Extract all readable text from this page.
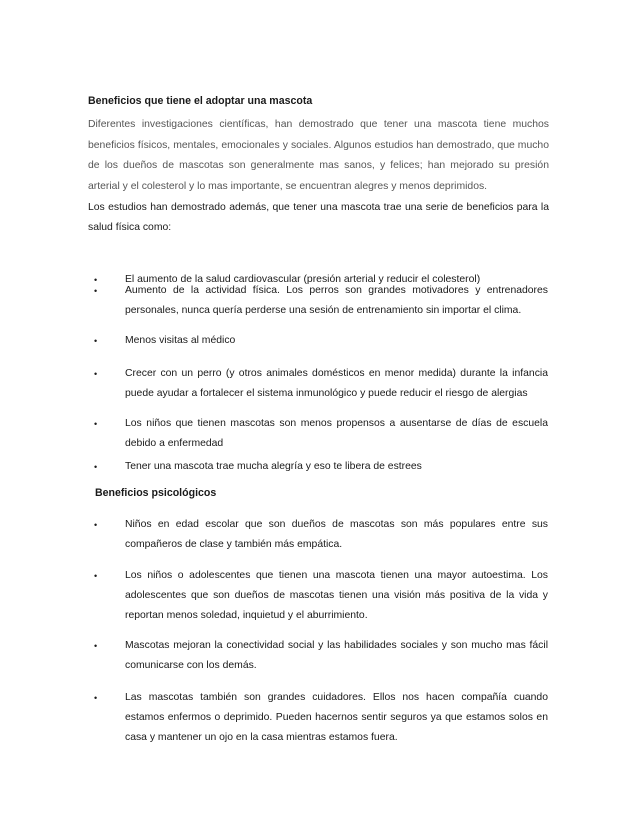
Beneficios que tiene el adoptar una mascota

Diferentes investigaciones científicas, han demostrado que tener una mascota tiene muchos beneficios físicos, mentales, emocionales y sociales. Algunos estudios han demostrado, que mucho de los dueños de mascotas son generalmente mas sanos, y felices; han mejorado su presión arterial y el colesterol y lo mas importante, se encuentran alegres y menos deprimidos.

Los estudios han demostrado además, que tener una mascota trae una serie de beneficios para la salud física como:

•	El aumento de la salud cardiovascular (presión arterial y reducir el colesterol)
•	Aumento de la actividad física. Los perros son grandes motivadores y entrenadores personales, nunca quería perderse una sesión de entrenamiento sin importar el clima.
•	Menos visitas al médico
•	Crecer con un perro (y otros animales domésticos en menor medida) durante la infancia puede ayudar a fortalecer el sistema inmunológico y puede reducir el riesgo de alergias
•	Los niños que tienen mascotas son menos propensos a ausentarse de días de escuela debido a enfermedad
•	Tener una mascota trae mucha alegría y eso te libera de estrees
Beneficios psicológicos
•	Niños en edad escolar que son dueños de mascotas son más populares entre sus compañeros de clase y también más empática.
•	Los niños o adolescentes que tienen una mascota tienen una mayor autoestima. Los adolescentes que son dueños de mascotas tienen una visión más positiva de la vida y reportan menos soledad, inquietud y el aburrimiento.
•	Mascotas mejoran la conectividad social y las habilidades sociales y son mucho mas fácil comunicarse con los demás.
•	Las mascotas también son grandes cuidadores. Ellos nos hacen compañía cuando estamos enfermos o deprimido. Pueden hacernos sentir seguros ya que estamos solos en casa y mantener un ojo en la casa mientras estamos fuera.
